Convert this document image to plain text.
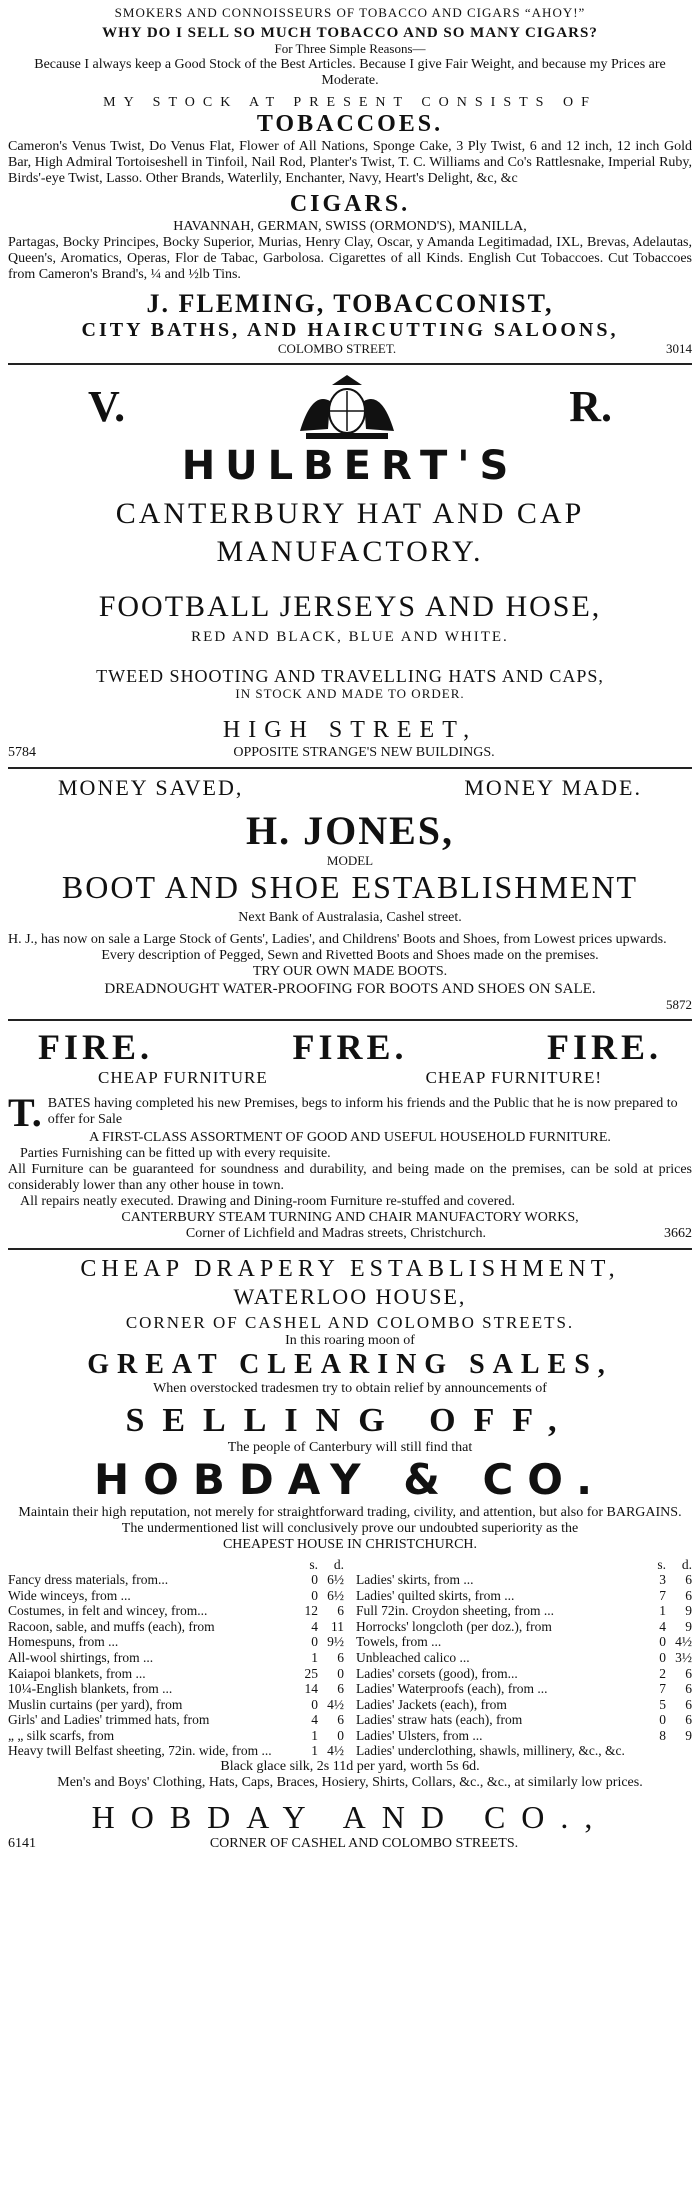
SMOKERS AND CONNOISSEURS OF TOBACCO AND CIGARS “AHOY!”
WHY DO I SELL SO MUCH TOBACCO AND SO MANY CIGARS?
For Three Simple Reasons—
Because I always keep a Good Stock of the Best Articles. Because I give Fair Weight, and because my Prices are Moderate.
MY STOCK AT PRESENT CONSISTS OF
TOBACCOES.
Cameron's Venus Twist, Do Venus Flat, Flower of All Nations, Sponge Cake, 3 Ply Twist, 6 and 12 inch, 12 inch Gold Bar, High Admiral Tortoiseshell in Tinfoil, Nail Rod, Planter's Twist, T. C. Williams and Co's Rattlesnake, Imperial Ruby, Birds'-eye Twist, Lasso. Other Brands, Waterlily, Enchanter, Navy, Heart's Delight, &c, &c
CIGARS.
HAVANNAH, GERMAN, SWISS (ORMOND'S), MANILLA,
Partagas, Bocky Principes, Bocky Superior, Murias, Henry Clay, Oscar, y Amanda Legitimadad, IXL, Brevas, Adelautas, Queen's, Aromatics, Operas, Flor de Tabac, Garbolosa. Cigarettes of all Kinds. English Cut Tobaccoes. Cut Tobaccoes from Cameron's Brand's, ¼ and ½lb Tins.
J. FLEMING, TOBACCONIST,
CITY BATHS, AND HAIRCUTTING SALOONS,
COLOMBO STREET.	3014
V.	R.
HULBERT'S
CANTERBURY HAT AND CAP MANUFACTORY.
FOOTBALL JERSEYS AND HOSE,
RED AND BLACK, BLUE AND WHITE.
TWEED SHOOTING AND TRAVELLING HATS AND CAPS,
IN STOCK AND MADE TO ORDER.
HIGH STREET,
5784	OPPOSITE STRANGE'S NEW BUILDINGS.
MONEY SAVED,	MONEY MADE.
H. JONES,
MODEL
BOOT AND SHOE ESTABLISHMENT
Next Bank of Australasia, Cashel street.
H. J., has now on sale a Large Stock of Gents', Ladies', and Childrens' Boots and Shoes, from Lowest prices upwards.
Every description of Pegged, Sewn and Rivetted Boots and Shoes made on the premises.
TRY OUR OWN MADE BOOTS.
DREADNOUGHT WATER-PROOFING FOR BOOTS AND SHOES ON SALE.
5872
FIRE.	FIRE.	FIRE.
CHEAP FURNITURE	CHEAP FURNITURE!
T. BATES having completed his new Premises, begs to inform his friends and the Public that he is now prepared to offer for Sale
A FIRST-CLASS ASSORTMENT OF GOOD AND USEFUL HOUSEHOLD FURNITURE.
Parties Furnishing can be fitted up with every requisite.
All Furniture can be guaranteed for soundness and durability, and being made on the premises, can be sold at prices considerably lower than any other house in town.
All repairs neatly executed. Drawing and Dining-room Furniture re-stuffed and covered.
CANTERBURY STEAM TURNING AND CHAIR MANUFACTORY WORKS,
Corner of Lichfield and Madras streets, Christchurch.	3662
CHEAP DRAPERY ESTABLISHMENT,
WATERLOO HOUSE,
CORNER OF CASHEL AND COLOMBO STREETS.
In this roaring moon of
GREAT CLEARING SALES,
When overstocked tradesmen try to obtain relief by announcements of
SELLING OFF,
The people of Canterbury will still find that
HOBDAY & CO.
Maintain their high reputation, not merely for straightforward trading, civility, and attention, but also for BARGAINS.
The undermentioned list will conclusively prove our undoubted superiority as the
CHEAPEST HOUSE IN CHRISTCHURCH.
s.	d.
Fancy dress materials, from...	0 6½
Wide winceys, from ...	0 6½
Costumes, in felt and wincey, from...	12	6
Racoon, sable, and muffs (each), from	4 11
Homespuns, from ...	0 9½
All-wool shirtings, from ...	1	6
Kaiapoi blankets, from ...	25	0
10¼-English blankets, from ...	14	6
Muslin curtains (per yard), from	0 4½
Girls' and Ladies' trimmed hats, from	4	6
„ „ silk scarfs, from	1	0
Heavy twill Belfast sheeting, 72in. wide, from ...	1 4½
s.	d.
Ladies' skirts, from ...	3	6
Ladies' quilted skirts, from ...	7	6
Full 72in. Croydon sheeting, from ...	1	9
Horrocks' longcloth (per doz.), from	4	9
Towels, from ...	0 4½
Unbleached calico ...	0 3½
Ladies' corsets (good), from...	2	6
Ladies' Waterproofs (each), from ...	7	6
Ladies' Jackets (each), from	5	6
Ladies' straw hats (each), from	0	6
Ladies' Ulsters, from ...	8	9
Ladies' underclothing, shawls, millinery, &c., &c.
Black glace silk, 2s 11d per yard, worth 5s 6d.
Men's and Boys' Clothing, Hats, Caps, Braces, Hosiery, Shirts, Collars, &c., &c., at similarly low prices.
HOBDAY AND CO.,
6141	CORNER OF CASHEL AND COLOMBO STREETS.
